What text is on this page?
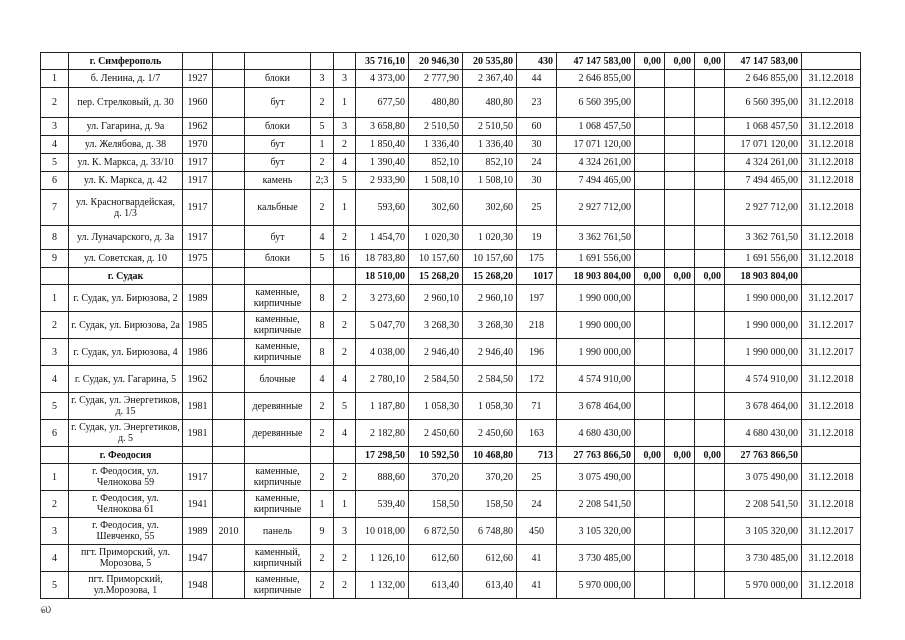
	г. Симферополь						35 716,10	20 946,30	20 535,80	430	47 147 583,00	0,00	0,00	0,00	47 147 583,00	
1	б. Ленина, д. 1/7	1927		блоки	3	3	4 373,00	2 777,90	2 367,40	44	2 646 855,00				2 646 855,00	31.12.2018
2	пер. Стрелковый, д. 30	1960		бут	2	1	677,50	480,80	480,80	23	6 560 395,00				6 560 395,00	31.12.2018
3	ул. Гагарина, д. 9а	1962		блоки	5	3	3 658,80	2 510,50	2 510,50	60	1 068 457,50				1 068 457,50	31.12.2018
4	ул. Желябова, д. 38	1970		бут	1	2	1 850,40	1 336,40	1 336,40	30	17 071 120,00				17 071 120,00	31.12.2018
5	ул. К. Маркса, д. 33/10	1917		бут	2	4	1 390,40	852,10	852,10	24	4 324 261,00				4 324 261,00	31.12.2018
6	ул. К. Маркса, д. 42	1917		камень	2;3	5	2 933,90	1 508,10	1 508,10	30	7 494 465,00				7 494 465,00	31.12.2018
7	ул. Красногвардейская, д. 1/3	1917		кальбные	2	1	593,60	302,60	302,60	25	2 927 712,00				2 927 712,00	31.12.2018
8	ул. Луначарского, д. 3а	1917		бут	4	2	1 454,70	1 020,30	1 020,30	19	3 362 761,50				3 362 761,50	31.12.2018
9	ул. Советская, д. 10	1975		блоки	5	16	18 783,80	10 157,60	10 157,60	175	1 691 556,00				1 691 556,00	31.12.2018
	г. Судак						18 510,00	15 268,20	15 268,20	1017	18 903 804,00	0,00	0,00	0,00	18 903 804,00	
1	г. Судак, ул. Бирюзова, 2	1989		каменные, кирпичные	8	2	3 273,60	2 960,10	2 960,10	197	1 990 000,00				1 990 000,00	31.12.2017
2	г. Судак, ул. Бирюзова, 2а	1985		каменные, кирпичные	8	2	5 047,70	3 268,30	3 268,30	218	1 990 000,00				1 990 000,00	31.12.2017
3	г. Судак, ул. Бирюзова, 4	1986		каменные, кирпичные	8	2	4 038,00	2 946,40	2 946,40	196	1 990 000,00				1 990 000,00	31.12.2017
4	г. Судак, ул. Гагарина, 5	1962		блочные	4	4	2 780,10	2 584,50	2 584,50	172	4 574 910,00				4 574 910,00	31.12.2018
5	г. Судак, ул. Энергетиков, д. 15	1981		деревянные	2	5	1 187,80	1 058,30	1 058,30	71	3 678 464,00				3 678 464,00	31.12.2018
6	г. Судак, ул. Энергетиков, д. 5	1981		деревянные	2	4	2 182,80	2 450,60	2 450,60	163	4 680 430,00				4 680 430,00	31.12.2018
	г. Феодосия						17 298,50	10 592,50	10 468,80	713	27 763 866,50	0,00	0,00	0,00	27 763 866,50	
1	г. Феодосия, ул. Челнокова 59	1917		каменные, кирпичные	2	2	888,60	370,20	370,20	25	3 075 490,00				3 075 490,00	31.12.2018
2	г. Феодосия, ул. Челнокова 61	1941		каменные, кирпичные	1	1	539,40	158,50	158,50	24	2 208 541,50				2 208 541,50	31.12.2018
3	г. Феодосия, ул. Шевченко, 55	1989	2010	панель	9	3	10 018,00	6 872,50	6 748,80	450	3 105 320,00				3 105 320,00	31.12.2017
4	пгт. Приморский, ул. Морозова, 5	1947		каменный, кирпичный	2	2	1 126,10	612,60	612,60	41	3 730 485,00				3 730 485,00	31.12.2018
5	пгт. Приморский, ул.Морозова, 1	1948		каменные, кирпичные	2	2	1 132,00	613,40	613,40	41	5 970 000,00				5 970 000,00	31.12.2018
ல
